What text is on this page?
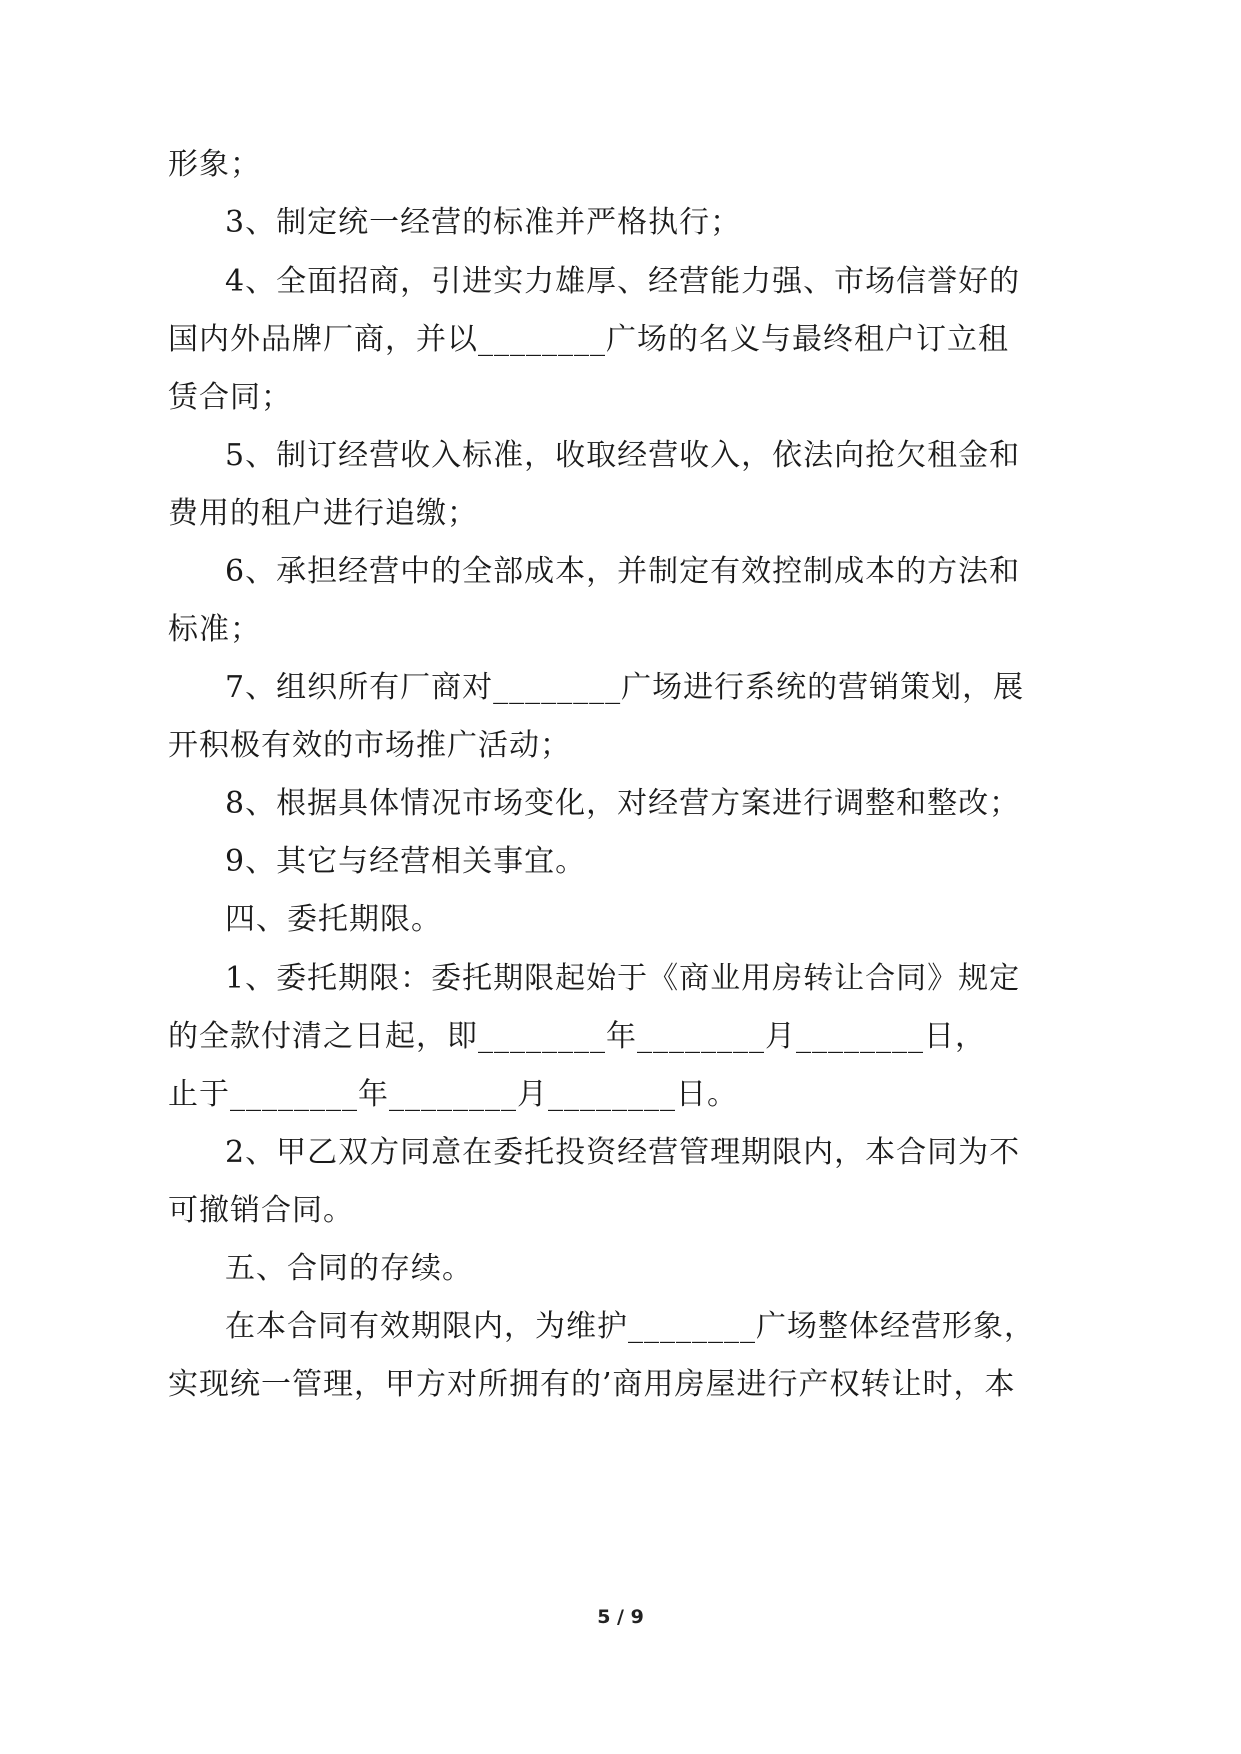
形象；
3、制定统一经营的标准并严格执行；
4、全面招商，引进实力雄厚、经营能力强、市场信誉好的
国内外品牌厂商，并以________广场的名义与最终租户订立租
赁合同；
5、制订经营收入标准，收取经营收入，依法向抢欠租金和
费用的租户进行追缴；
6、承担经营中的全部成本，并制定有效控制成本的方法和
标准；
7、组织所有厂商对________广场进行系统的营销策划，展
开积极有效的市场推广活动；
8、根据具体情况市场变化，对经营方案进行调整和整改；
9、其它与经营相关事宜。
四、委托期限。
1、委托期限：委托期限起始于《商业用房转让合同》规定
的全款付清之日起，即________年________月________日，
止于________年________月________日。
2、甲乙双方同意在委托投资经营管理期限内，本合同为不
可撤销合同。
五、合同的存续。
在本合同有效期限内，为维护________广场整体经营形象，
实现统一管理，甲方对所拥有的’商用房屋进行产权转让时，本
5 / 9
